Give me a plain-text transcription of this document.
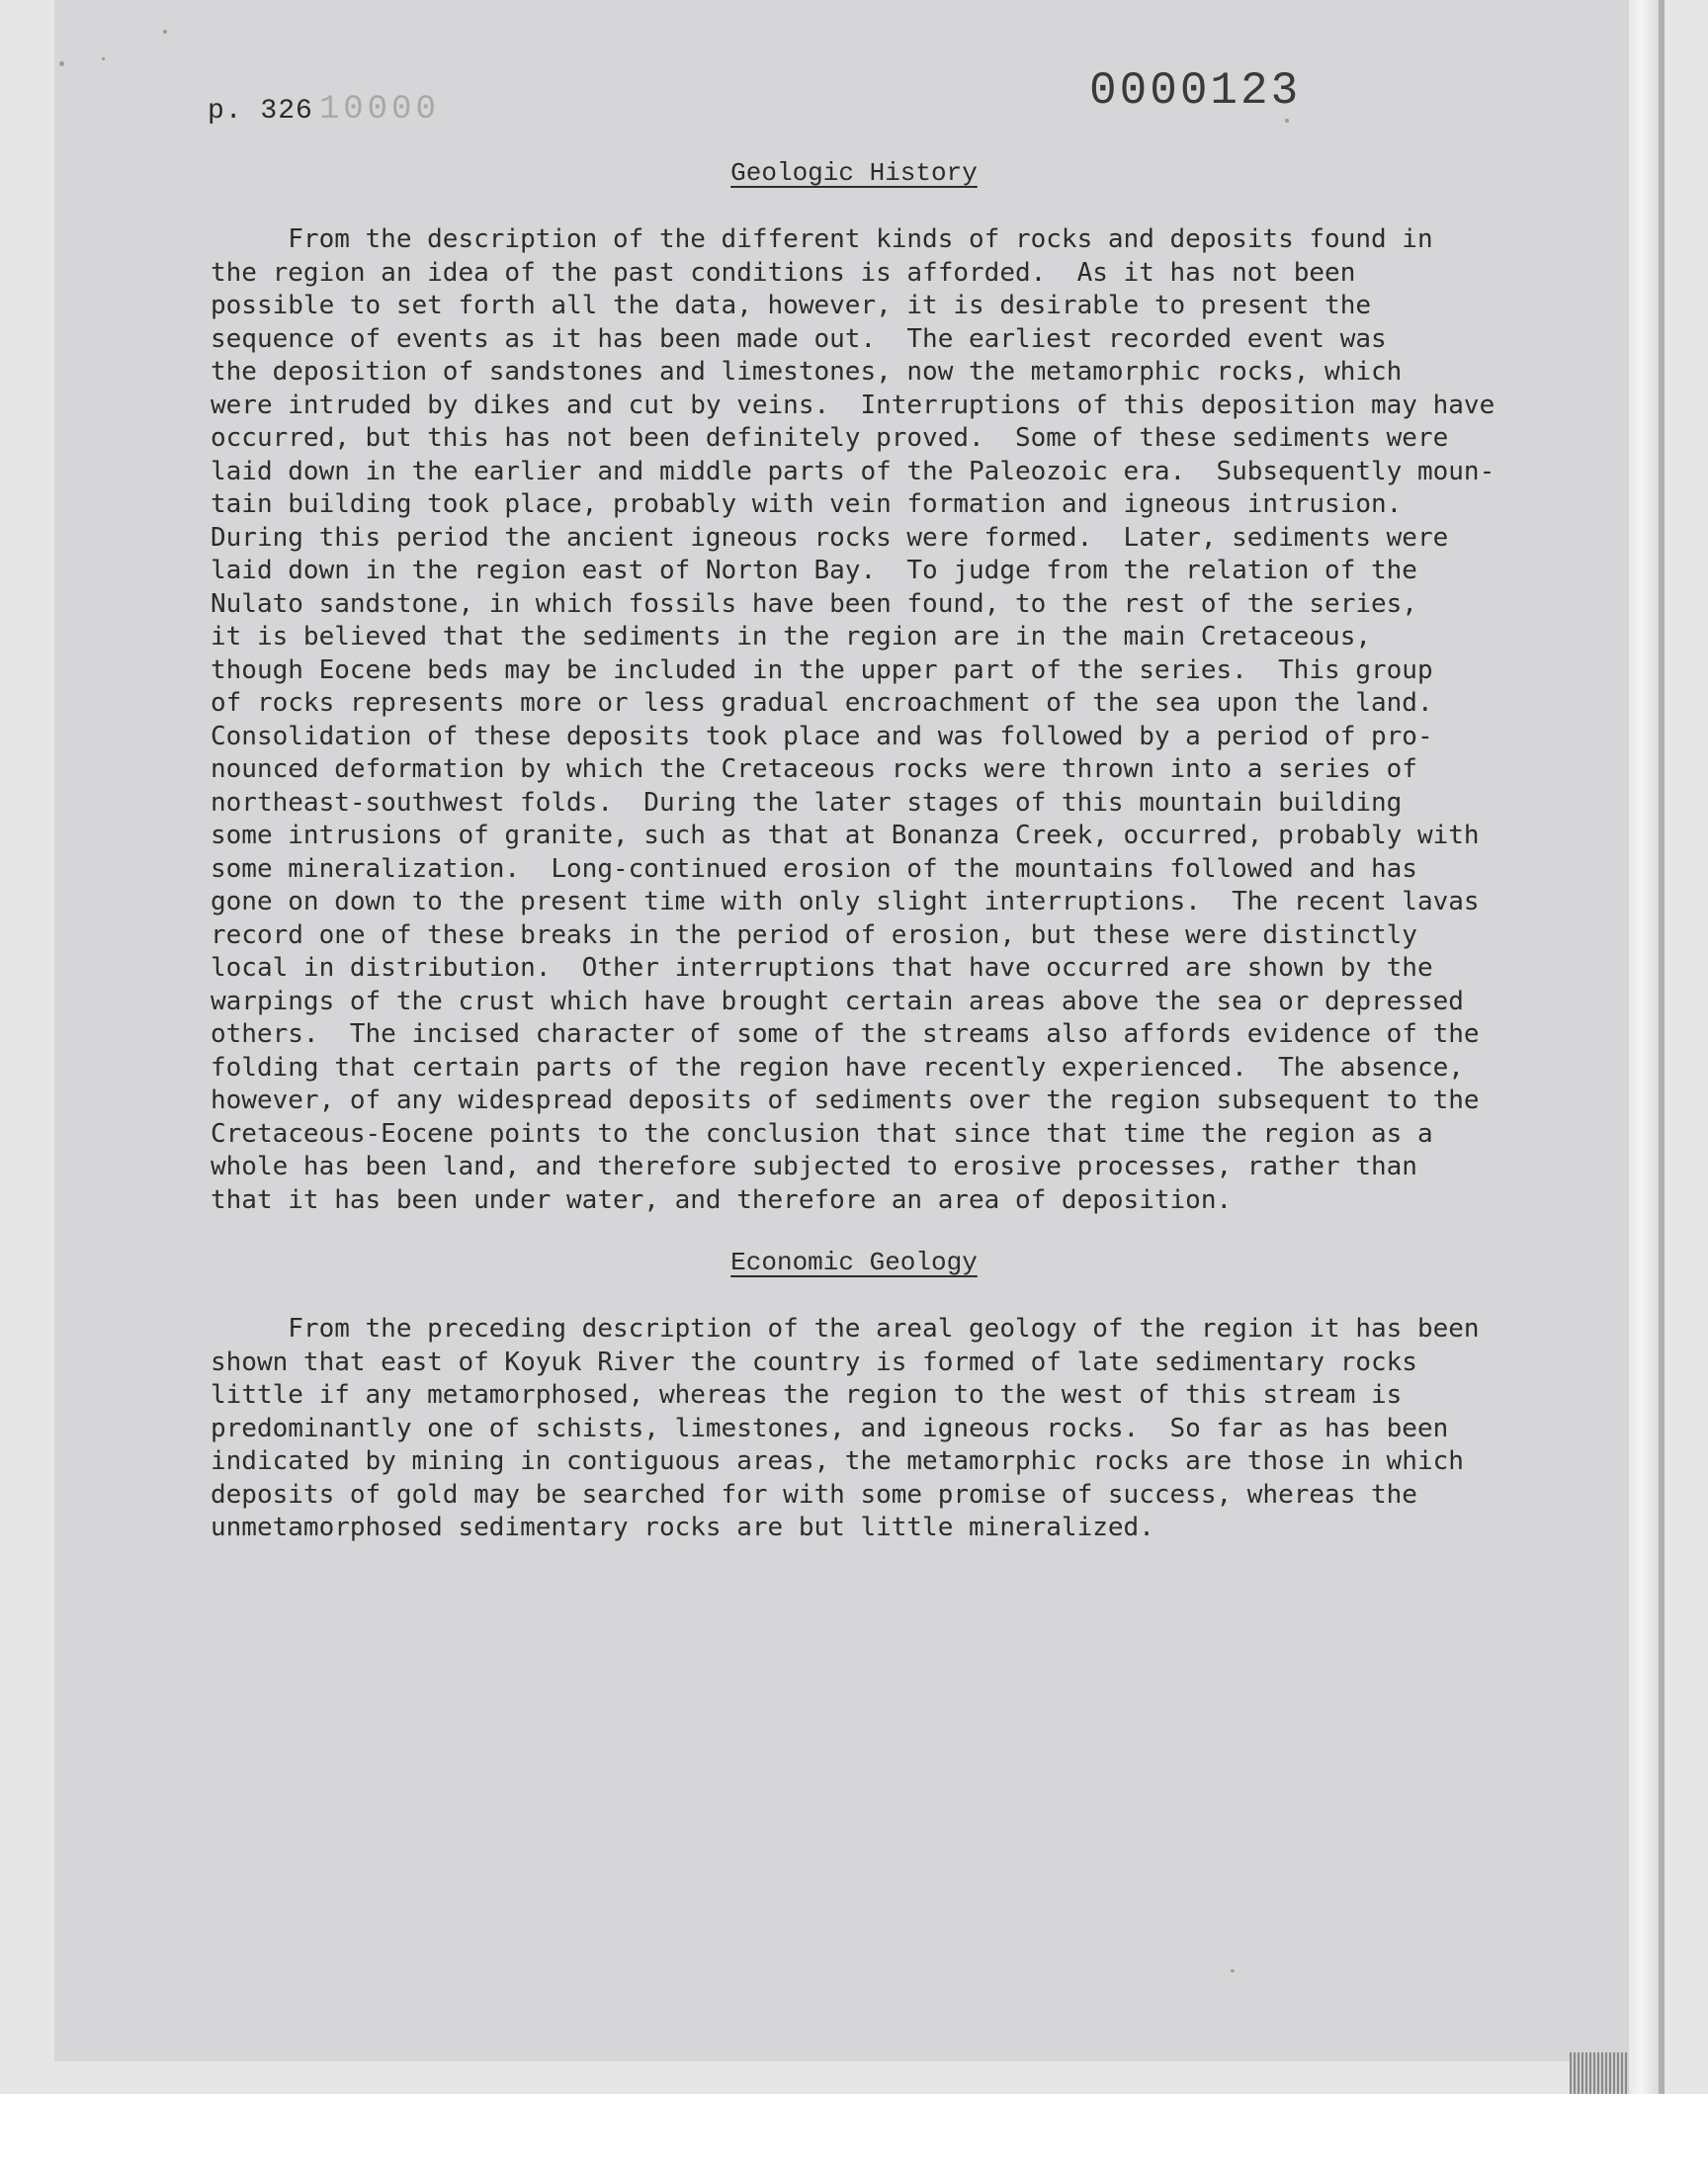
p. 326 10000	0000123
Geologic History
From the description of the different kinds of rocks and deposits found in
the region an idea of the past conditions is afforded.  As it has not been
possible to set forth all the data, however, it is desirable to present the
sequence of events as it has been made out.  The earliest recorded event was
the deposition of sandstones and limestones, now the metamorphic rocks, which
were intruded by dikes and cut by veins.  Interruptions of this deposition may have
occurred, but this has not been definitely proved.  Some of these sediments were
laid down in the earlier and middle parts of the Paleozoic era.  Subsequently moun-
tain building took place, probably with vein formation and igneous intrusion.
During this period the ancient igneous rocks were formed.  Later, sediments were
laid down in the region east of Norton Bay.  To judge from the relation of the
Nulato sandstone, in which fossils have been found, to the rest of the series,
it is believed that the sediments in the region are in the main Cretaceous,
though Eocene beds may be included in the upper part of the series.  This group
of rocks represents more or less gradual encroachment of the sea upon the land.
Consolidation of these deposits took place and was followed by a period of pro-
nounced deformation by which the Cretaceous rocks were thrown into a series of
northeast-southwest folds.  During the later stages of this mountain building
some intrusions of granite, such as that at Bonanza Creek, occurred, probably with
some mineralization.  Long-continued erosion of the mountains followed and has
gone on down to the present time with only slight interruptions.  The recent lavas
record one of these breaks in the period of erosion, but these were distinctly
local in distribution.  Other interruptions that have occurred are shown by the
warpings of the crust which have brought certain areas above the sea or depressed
others.  The incised character of some of the streams also affords evidence of the
folding that certain parts of the region have recently experienced.  The absence,
however, of any widespread deposits of sediments over the region subsequent to the
Cretaceous-Eocene points to the conclusion that since that time the region as a
whole has been land, and therefore subjected to erosive processes, rather than
that it has been under water, and therefore an area of deposition.
Economic Geology
From the preceding description of the areal geology of the region it has been
shown that east of Koyuk River the country is formed of late sedimentary rocks
little if any metamorphosed, whereas the region to the west of this stream is
predominantly one of schists, limestones, and igneous rocks.  So far as has been
indicated by mining in contiguous areas, the metamorphic rocks are those in which
deposits of gold may be searched for with some promise of success, whereas the
unmetamorphosed sedimentary rocks are but little mineralized.
